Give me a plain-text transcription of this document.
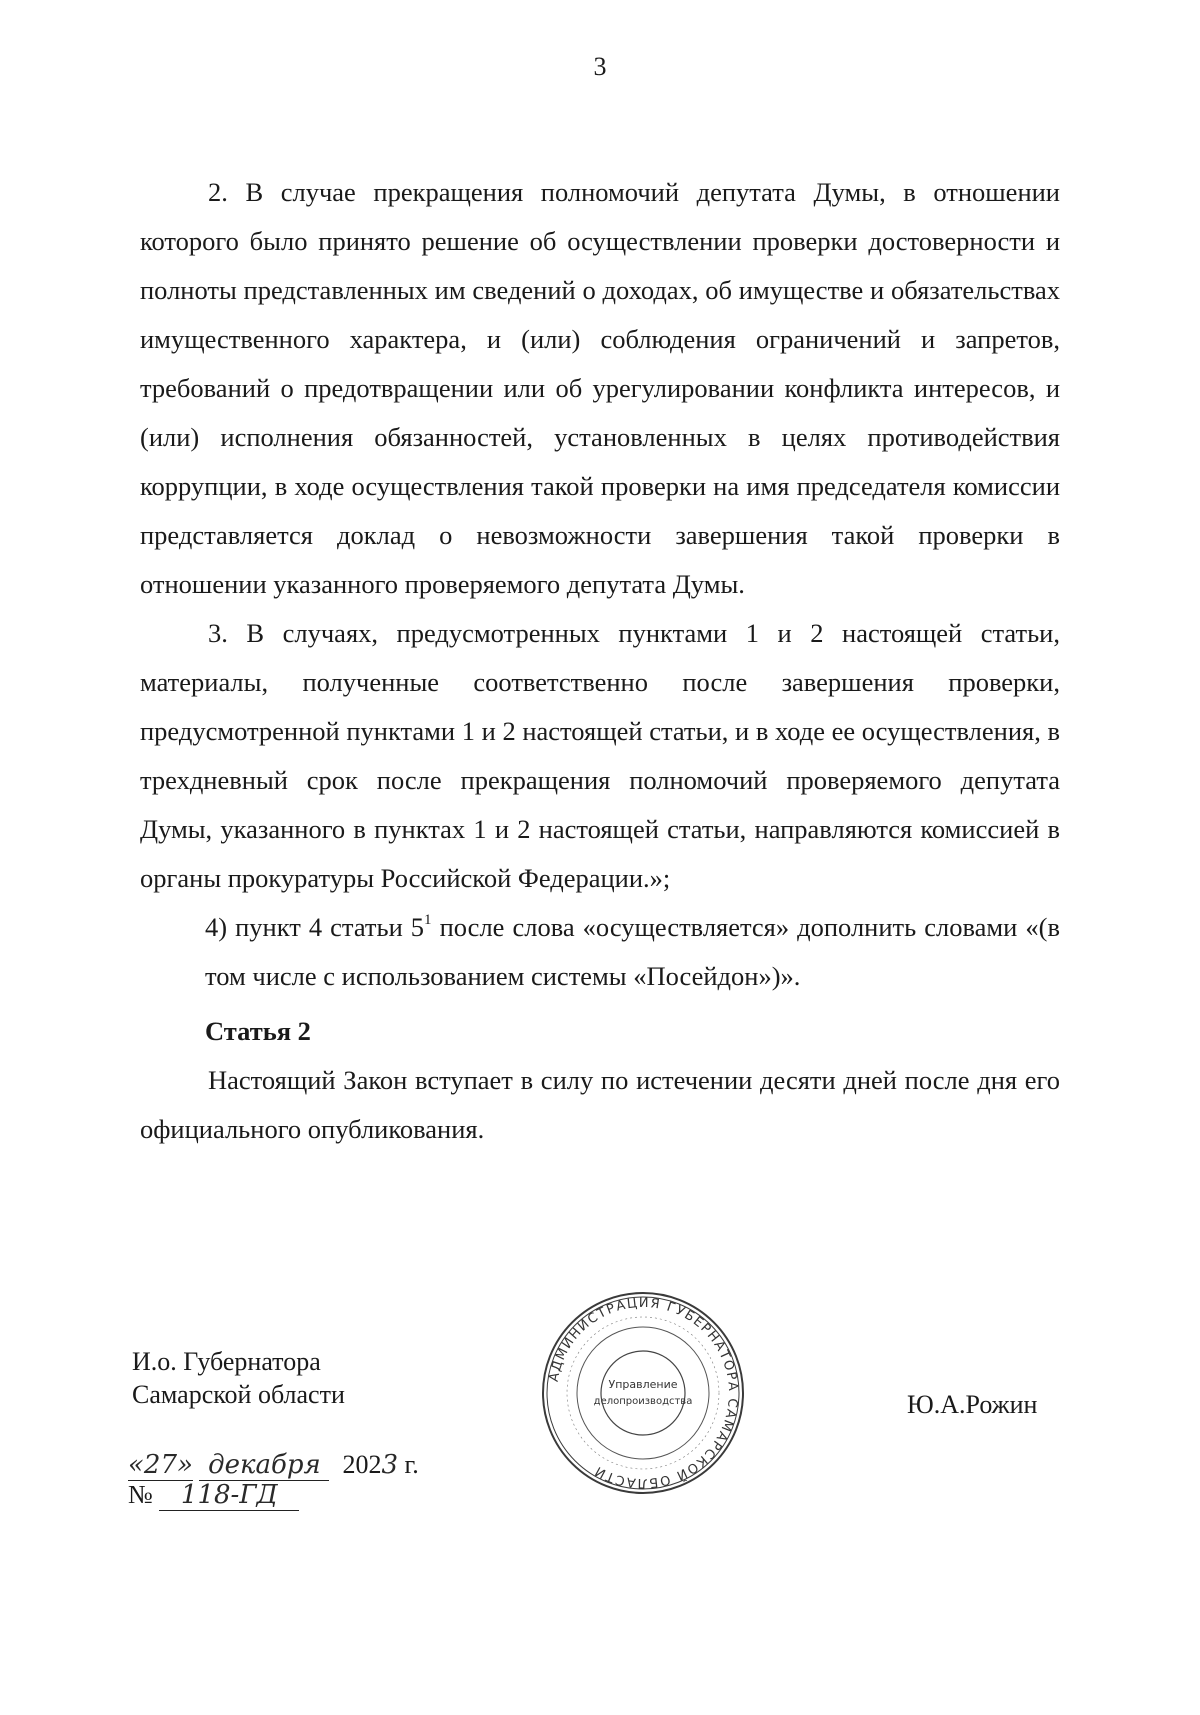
3

2. В случае прекращения полномочий депутата Думы, в отношении которого было принято решение об осуществлении проверки достоверности и полноты представленных им сведений о доходах, об имуществе и обязательствах имущественного характера, и (или) соблюдения ограничений и запретов, требований о предотвращении или об урегулировании конфликта интересов, и (или) исполнения обязанностей, установленных в целях противодействия коррупции, в ходе осуществления такой проверки на имя председателя комиссии представляется доклад о невозможности завершения такой проверки в отношении указанного проверяемого депутата Думы.

3. В случаях, предусмотренных пунктами 1 и 2 настоящей статьи, материалы, полученные соответственно после завершения проверки, предусмотренной пунктами 1 и 2 настоящей статьи, и в ходе ее осуществления, в трехдневный срок после прекращения полномочий проверяемого депутата Думы, указанного в пунктах 1 и 2 настоящей статьи, направляются комиссией в органы прокуратуры Российской Федерации.»;

4) пункт 4 статьи $5^1$ после слова «осуществляется» дополнить словами «(в том числе с использованием системы «Посейдон»)».

Статья 2

Настоящий Закон вступает в силу по истечении десяти дней после дня его официального опубликования.

И.о. Губернатора
Самарской области	Ю.А.Рожин
«27» декабря 2023 г.
№ 118-ГД
АДМИНИСТРАЦИЯ ГУБЕРНАТОРА САМАРСКОЙ ОБЛАСТИ
Управление
делопроизводства
